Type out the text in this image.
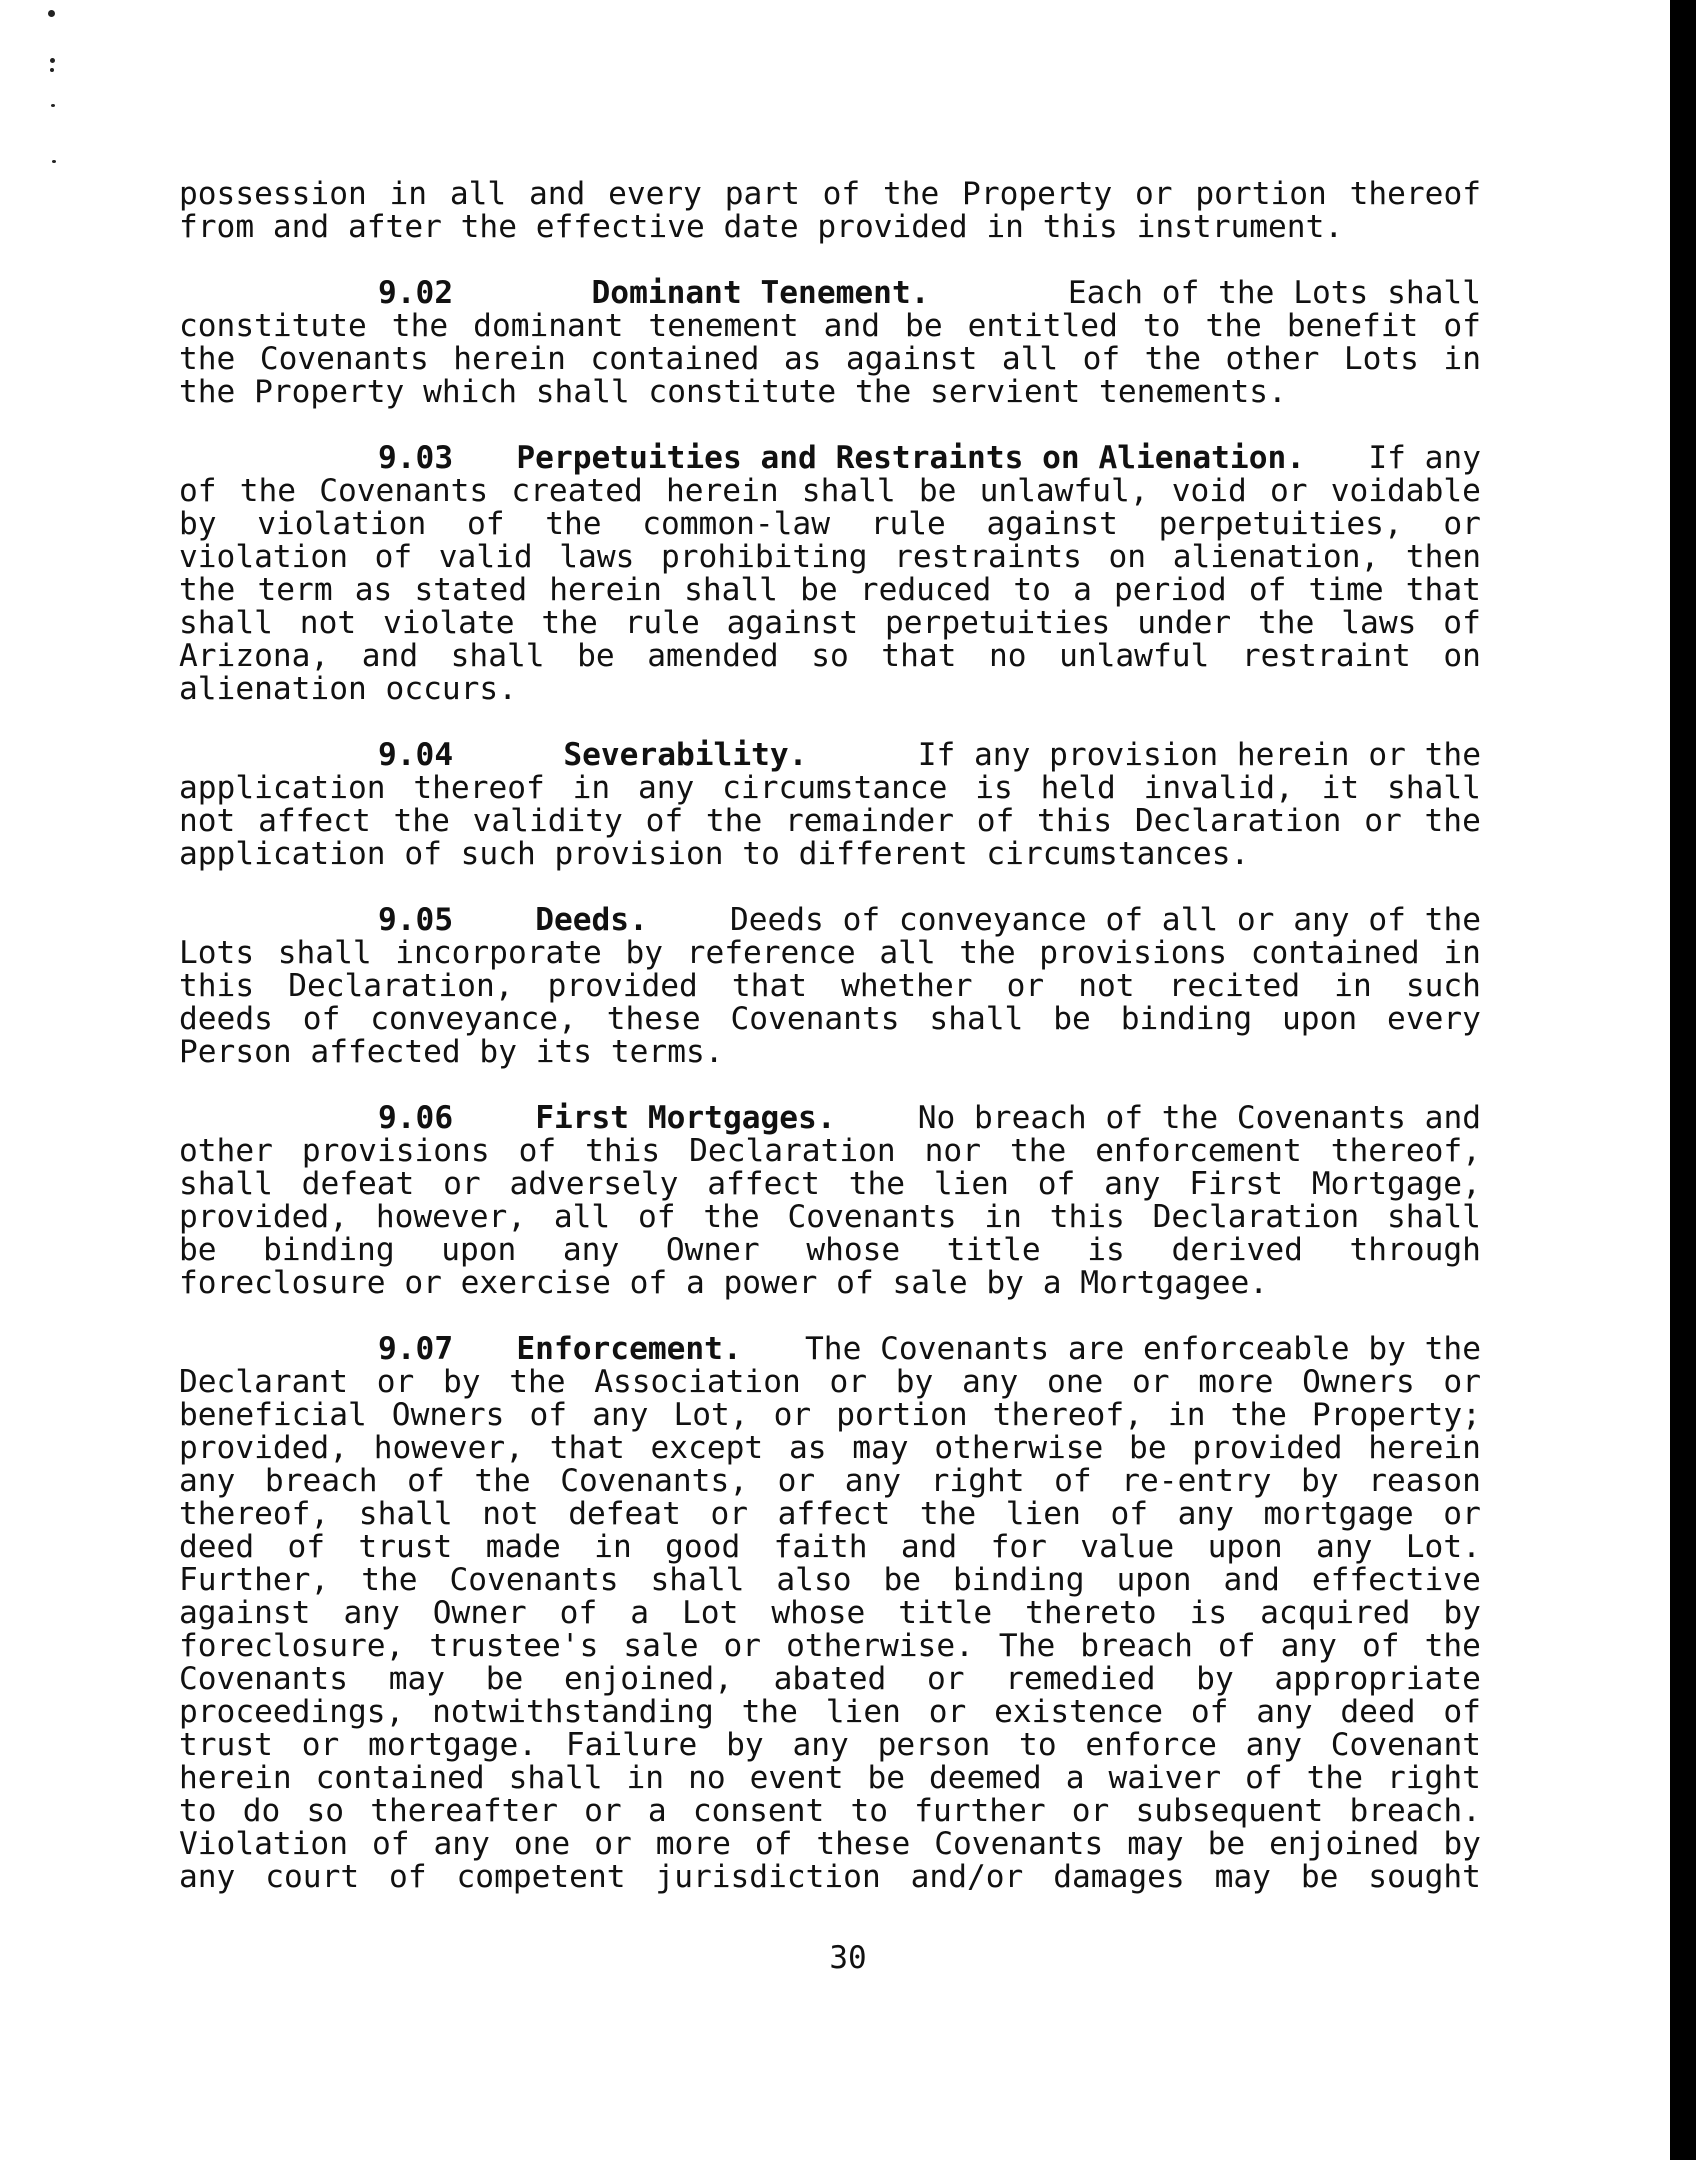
possession in all and every part of the Property or portion thereof
from and after the effective date provided in this instrument.
9.02	Dominant Tenement.	Each of the Lots shall
constitute the dominant tenement and be entitled to the benefit of
the Covenants herein contained as against all of the other Lots in
the Property which shall constitute the servient tenements.
9.03 Perpetuities and Restraints on Alienation. If any
of the Covenants created herein shall be unlawful, void or voidable
by violation of the common-law rule against perpetuities, or
violation of valid laws prohibiting restraints on alienation, then
the term as stated herein shall be reduced to a period of time that
shall not violate the rule against perpetuities under the laws of
Arizona, and shall be amended so that no unlawful restraint on
alienation occurs.
9.04	Severability.	If any provision herein or the
application thereof in any circumstance is held invalid, it shall
not affect the validity of the remainder of this Declaration or the
application of such provision to different circumstances.
9.05	Deeds.	Deeds of conveyance of all or any of the
Lots shall incorporate by reference all the provisions contained in
this Declaration, provided that whether or not recited in such
deeds of conveyance, these Covenants shall be binding upon every
Person affected by its terms.
9.06	First Mortgages.	No breach of the Covenants and
other provisions of this Declaration nor the enforcement thereof,
shall defeat or adversely affect the lien of any First Mortgage,
provided, however, all of the Covenants in this Declaration shall
be binding upon any Owner whose title is derived through
foreclosure or exercise of a power of sale by a Mortgagee.
9.07 Enforcement. The Covenants are enforceable by the
Declarant or by the Association or by any one or more Owners or
beneficial Owners of any Lot, or portion thereof, in the Property;
provided, however, that except as may otherwise be provided herein
any breach of the Covenants, or any right of re-entry by reason
thereof, shall not defeat or affect the lien of any mortgage or
deed of trust made in good faith and for value upon any Lot.
Further, the Covenants shall also be binding upon and effective
against any Owner of a Lot whose title thereto is acquired by
foreclosure, trustee's sale or otherwise. The breach of any of the
Covenants may be enjoined, abated or remedied by appropriate
proceedings, notwithstanding the lien or existence of any deed of
trust or mortgage. Failure by any person to enforce any Covenant
herein contained shall in no event be deemed a waiver of the right
to do so thereafter or a consent to further or subsequent breach.
Violation of any one or more of these Covenants may be enjoined by
any court of competent jurisdiction and/or damages may be sought
30
